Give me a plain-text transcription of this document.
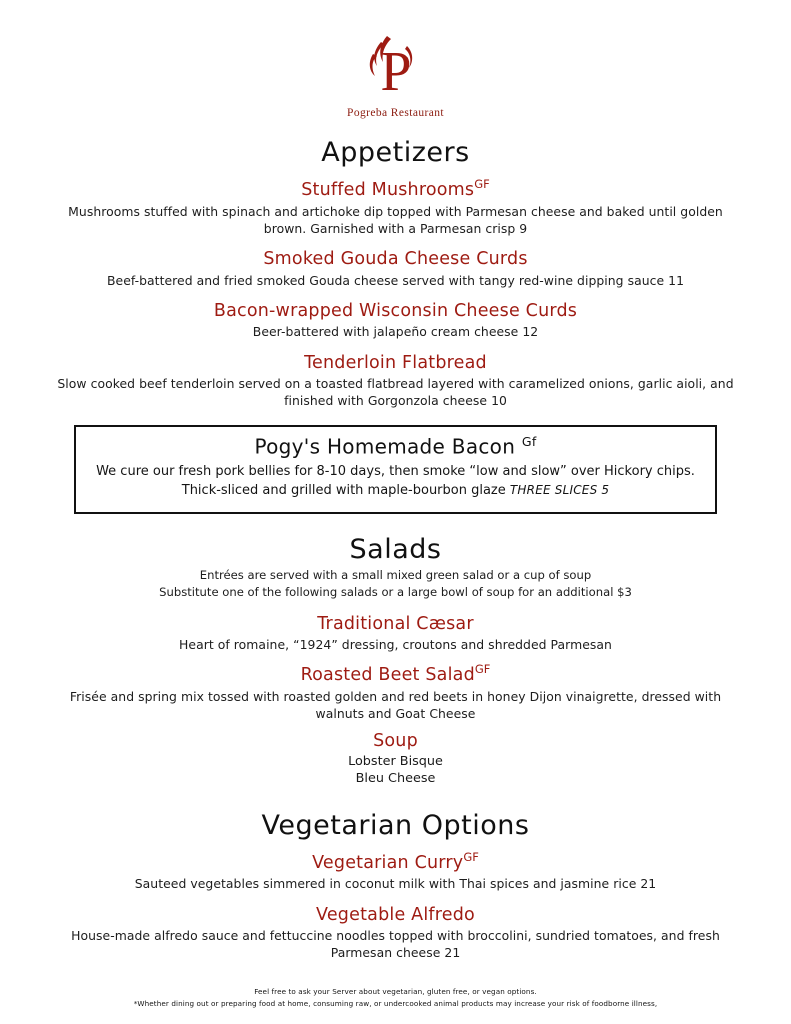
P
Pogreba Restaurant
Appetizers
Stuffed Mushrooms$^{GF}$
Mushrooms stuffed with spinach and artichoke dip topped with Parmesan cheese and baked until golden brown. Garnished with a Parmesan crisp 9
Smoked Gouda Cheese Curds
Beef-battered and fried smoked Gouda cheese served with tangy red-wine dipping sauce 11
Bacon-wrapped Wisconsin Cheese Curds
Beer-battered with jalapeño cream cheese 12
Tenderloin Flatbread
Slow cooked beef tenderloin served on a toasted flatbread layered with caramelized onions, garlic aioli, and finished with Gorgonzola cheese 10
Pogy's Homemade Bacon $^{Gf}$
We cure our fresh pork bellies for 8-10 days, then smoke “low and slow” over Hickory chips. Thick-sliced and grilled with maple-bourbon glaze THREE SLICES 5
Salads
Entrées are served with a small mixed green salad or a cup of soup
Substitute one of the following salads or a large bowl of soup for an additional $3
Traditional Cæsar
Heart of romaine, “1924” dressing, croutons and shredded Parmesan
Roasted Beet Salad$^{GF}$
Frisée and spring mix tossed with roasted golden and red beets in honey Dijon vinaigrette, dressed with walnuts and Goat Cheese
Soup
Lobster Bisque
Bleu Cheese
Vegetarian Options
Vegetarian Curry$^{GF}$
Sauteed vegetables simmered in coconut milk with Thai spices and jasmine rice 21
Vegetable Alfredo
House-made alfredo sauce and fettuccine noodles topped with broccolini, sundried tomatoes, and fresh Parmesan cheese 21
Feel free to ask your Server about vegetarian, gluten free, or vegan options.
*Whether dining out or preparing food at home, consuming raw, or undercooked animal products may increase your risk of foodborne illness,
